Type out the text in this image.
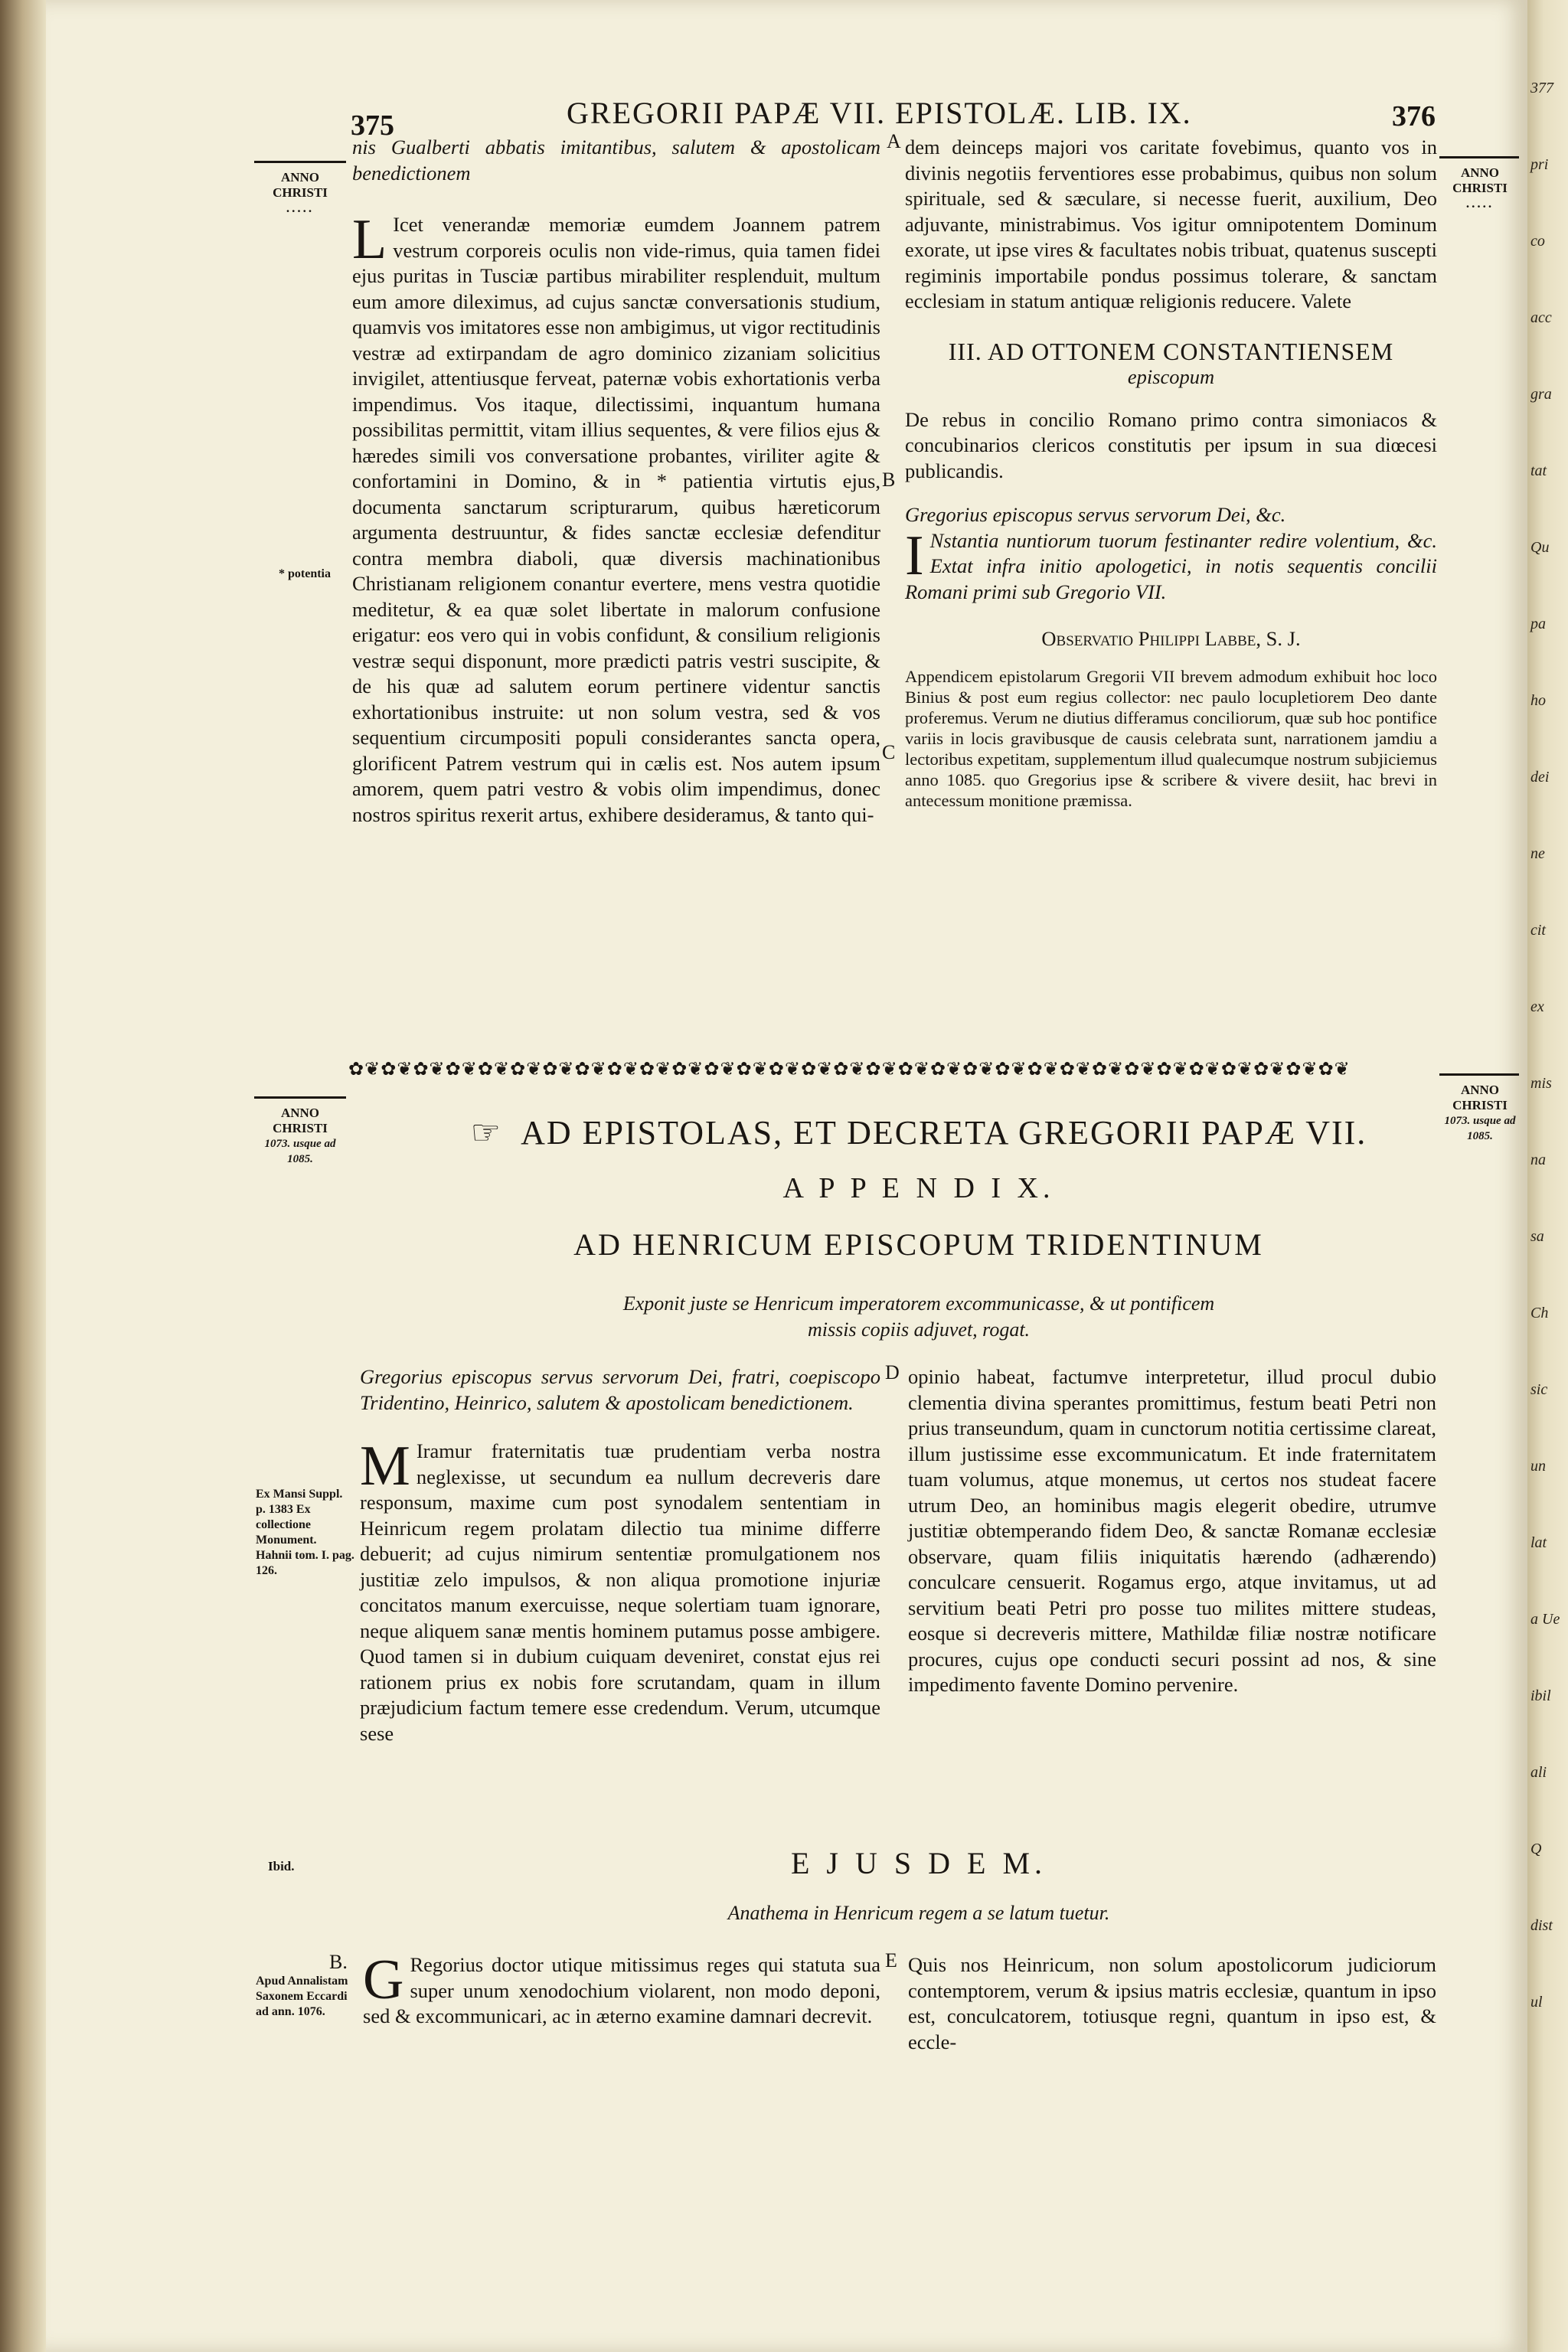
377
pri
co
acc
gra
tat
Qu
pa
ho
dei
ne
cit
ex
mis
na
sa
Ch
sic
un
lat
a Ue
ibil
ali
Q
dist
ul
375	GREGORII PAPÆ VII. EPISTOLÆ. LIB. IX.	376
ANNO CHRISTI
.....
ANNO CHRISTI
.....
* potentia
A
B
C
D
E

nis Gualberti abbatis imitantibus, salutem & apostolicam benedictionem

L Icet venerandæ memoriæ eumdem Joannem patrem vestrum corporeis oculis non vide-rimus, quia tamen fidei ejus puritas in Tusciæ partibus mirabiliter resplenduit, multum eum amore dileximus, ad cujus sanctæ conversationis studium, quamvis vos imitatores esse non ambigimus, ut vigor rectitudinis vestræ ad extirpandam de agro dominico zizaniam solicitius invigilet, attentiusque ferveat, paternæ vobis exhortationis verba impendimus. Vos itaque, dilectissimi, inquantum humana possibilitas permittit, vitam illius sequentes, & vere filios ejus & hæredes simili vos conversatione probantes, viriliter agite & confortamini in Domino, & in * patientia virtutis ejus, documenta sanctarum scripturarum, quibus hæreticorum argumenta destruuntur, & fides sanctæ ecclesiæ defenditur contra membra diaboli, quæ diversis machinationibus Christianam religionem conantur evertere, mens vestra quotidie meditetur, & ea quæ solet libertate in malorum confusione erigatur: eos vero qui in vobis confidunt, & consilium religionis vestræ sequi disponunt, more prædicti patris vestri suscipite, & de his quæ ad salutem eorum pertinere videntur sanctis exhortationibus instruite: ut non solum vestra, sed & vos sequentium circumpositi populi considerantes sancta opera, glorificent Patrem vestrum qui in cælis est. Nos autem ipsum amorem, quem patri vestro & vobis olim impendimus, donec nostros spiritus rexerit artus, exhibere desideramus, & tanto qui-

dem deinceps majori vos caritate fovebimus, quanto vos in divinis negotiis ferventiores esse probabimus, quibus non solum spirituale, sed & sæculare, si necesse fuerit, auxilium, Deo adjuvante, ministrabimus. Vos igitur omnipotentem Dominum exorate, ut ipse vires & facultates nobis tribuat, quatenus suscepti regiminis importabile pondus possimus tolerare, & sanctam ecclesiam in statum antiquæ religionis reducere. Valete

III. AD OTTONEM CONSTANTIENSEM
episcopum

De rebus in concilio Romano primo contra simoniacos & concubinarios clericos constitutis per ipsum in sua diœcesi publicandis.

Gregorius episcopus servus servorum Dei, &c.

I Nstantia nuntiorum tuorum festinanter redire volentium, &c. Extat infra initio apologetici, in notis sequentis concilii Romani primi sub Gregorio VII.

Observatio Philippi Labbe, S. J.

Appendicem epistolarum Gregorii VII brevem admodum exhibuit hoc loco Binius & post eum regius collector: nec paulo locupletiorem Deo dante proferemus. Verum ne diutius differamus conciliorum, quæ sub hoc pontifice variis in locis gravibusque de causis celebrata sunt, narrationem jamdiu a lectoribus expetitam, supplementum illud qualecumque nostrum subjiciemus anno 1085. quo Gregorius ipse & scribere & vivere desiit, hac brevi in antecessum monitione præmissa.

✿❦✿❦✿❦✿❦✿❦✿❦✿❦✿❦✿❦✿❦✿❦✿❦✿❦✿❦✿❦✿❦✿❦✿❦✿❦✿❦✿❦✿❦✿❦✿❦✿❦✿❦✿❦✿❦✿❦✿❦✿❦
ANNO CHRISTI
1073. usque ad 1085.
ANNO CHRISTI
1073. usque ad 1085.
☞ AD EPISTOLAS, ET DECRETA GREGORII PAPÆ VII.
A P P E N D I X.
AD HENRICUM EPISCOPUM TRIDENTINUM
Exponit juste se Henricum imperatorem excommunicasse, & ut pontificem
missis copiis adjuvet, rogat.
Ex Mansi Suppl. p. 1383 Ex collectione Monument. Hahnii tom. I. pag. 126.
Ibid.
Apud Annalistam Saxonem Eccardi ad ann. 1076.

Gregorius episcopus servus servorum Dei, fratri, coepiscopo Tridentino, Heinrico, salutem & apostolicam benedictionem.

M Iramur fraternitatis tuæ prudentiam verba nostra neglexisse, ut secundum ea nullum decreveris dare responsum, maxime cum post synodalem sententiam in Heinricum regem prolatam dilectio tua minime differre debuerit; ad cujus nimirum sententiæ promulgationem nos justitiæ zelo impulsos, & non aliqua promotione injuriæ concitatos manum exercuisse, neque solertiam tuam ignorare, neque aliquem sanæ mentis hominem putamus posse ambigere. Quod tamen si in dubium cuiquam deveniret, constat ejus rei rationem prius ex nobis fore scrutandam, quam in illum præjudicium factum temere esse credendum. Verum, utcumque sese

opinio habeat, factumve interpretetur, illud procul dubio clementia divina sperantes promittimus, festum beati Petri non prius transeundum, quam in cunctorum notitia certissime clareat, illum justissime esse excommunicatum. Et inde fraternitatem tuam volumus, atque monemus, ut certos nos studeat facere utrum Deo, an hominibus magis elegerit obedire, utrumve justitiæ obtemperando fidem Deo, & sanctæ Romanæ ecclesiæ observare, quam filiis iniquitatis hærendo (adhærendo) conculcare censuerit. Rogamus ergo, atque invitamus, ut ad servitium beati Petri pro posse tuo milites mittere studeas, eosque si decreveris mittere, Mathildæ filiæ nostræ notificare procures, cujus ope conducti securi possint ad nos, & sine impedimento favente Domino pervenire.

E J U S D E M.
Anathema in Henricum regem a se latum tuetur.
B. G Regorius doctor utique mitissimus reges qui statuta sua super unum xenodochium violarent, non modo deponi, sed & excommunicari, ac in æterno examine damnari decrevit.

Quis nos Heinricum, non solum apostolicorum judiciorum contemptorem, verum & ipsius matris ecclesiæ, quantum in ipso est, conculcatorem, totiusque regni, quantum in ipso est, & eccle-
